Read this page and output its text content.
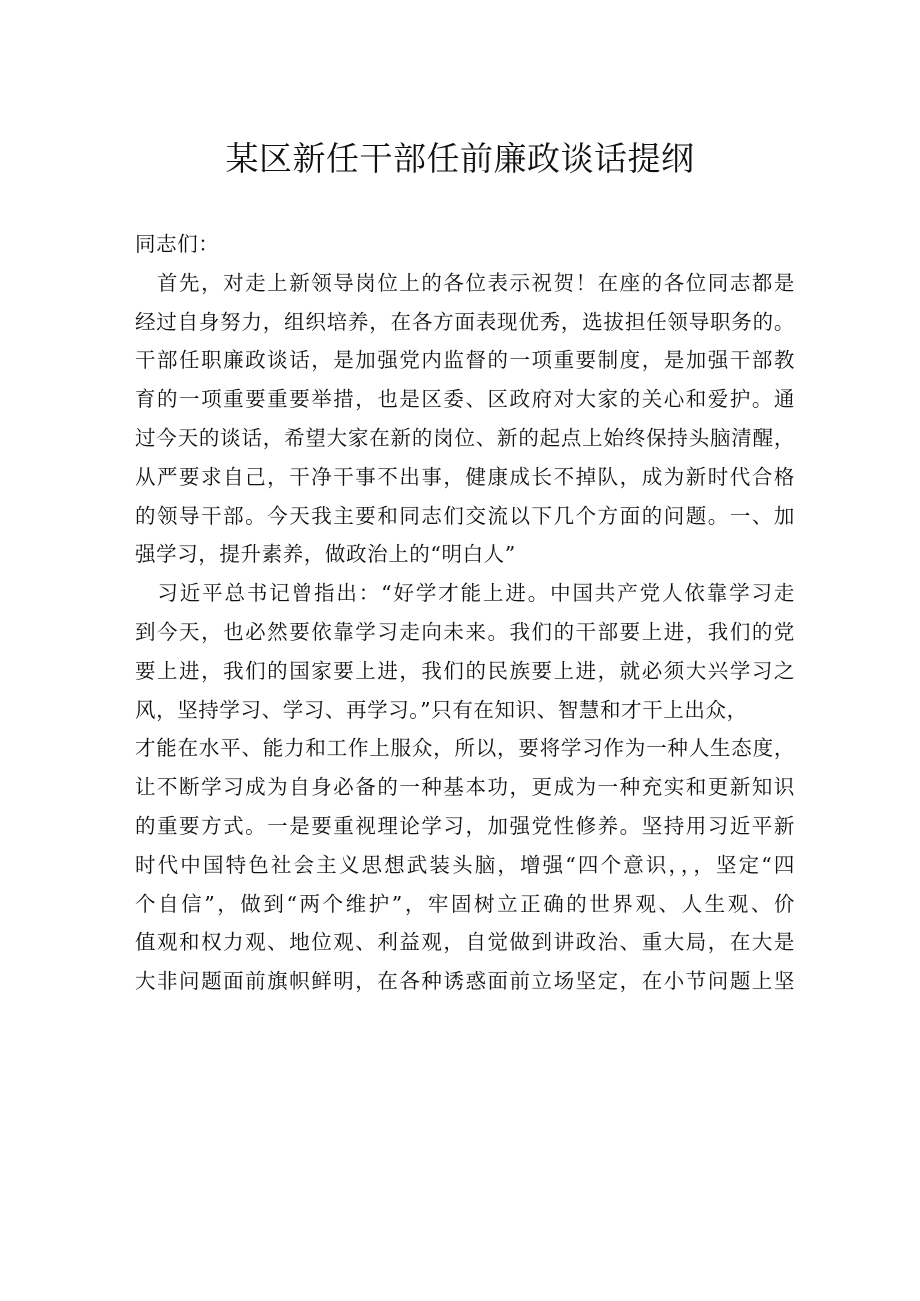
某区新任干部任前廉政谈话提纲
同志们：
　首先，对走上新领导岗位上的各位表示祝贺！在座的各位同志都是
经过自身努力，组织培养，在各方面表现优秀，选拔担任领导职务的。
干部任职廉政谈话，是加强党内监督的一项重要制度，是加强干部教
育的一项重要重要举措，也是区委、区政府对大家的关心和爱护。通
过今天的谈话，希望大家在新的岗位、新的起点上始终保持头脑清醒，
从严要求自己，干净干事不出事，健康成长不掉队，成为新时代合格
的领导干部。今天我主要和同志们交流以下几个方面的问题。一、加
强学习，提升素养，做政治上的“明白人”
　习近平总书记曾指出：“好学才能上进。中国共产党人依靠学习走
到今天，也必然要依靠学习走向未来。我们的干部要上进，我们的党
要上进，我们的国家要上进，我们的民族要上进，就必须大兴学习之
风，坚持学习、学习、再学习。”只有在知识、智慧和才干上出众，
才能在水平、能力和工作上服众，所以，要将学习作为一种人生态度，
让不断学习成为自身必备的一种基本功，更成为一种充实和更新知识
的重要方式。一是要重视理论学习，加强党性修养。坚持用习近平新
时代中国特色社会主义思想武装头脑，增强“四个意识，，，坚定“四
个自信”，做到“两个维护”，牢固树立正确的世界观、人生观、价
值观和权力观、地位观、利益观，自觉做到讲政治、重大局，在大是
大非问题面前旗帜鲜明，在各种诱惑面前立场坚定，在小节问题上坚
